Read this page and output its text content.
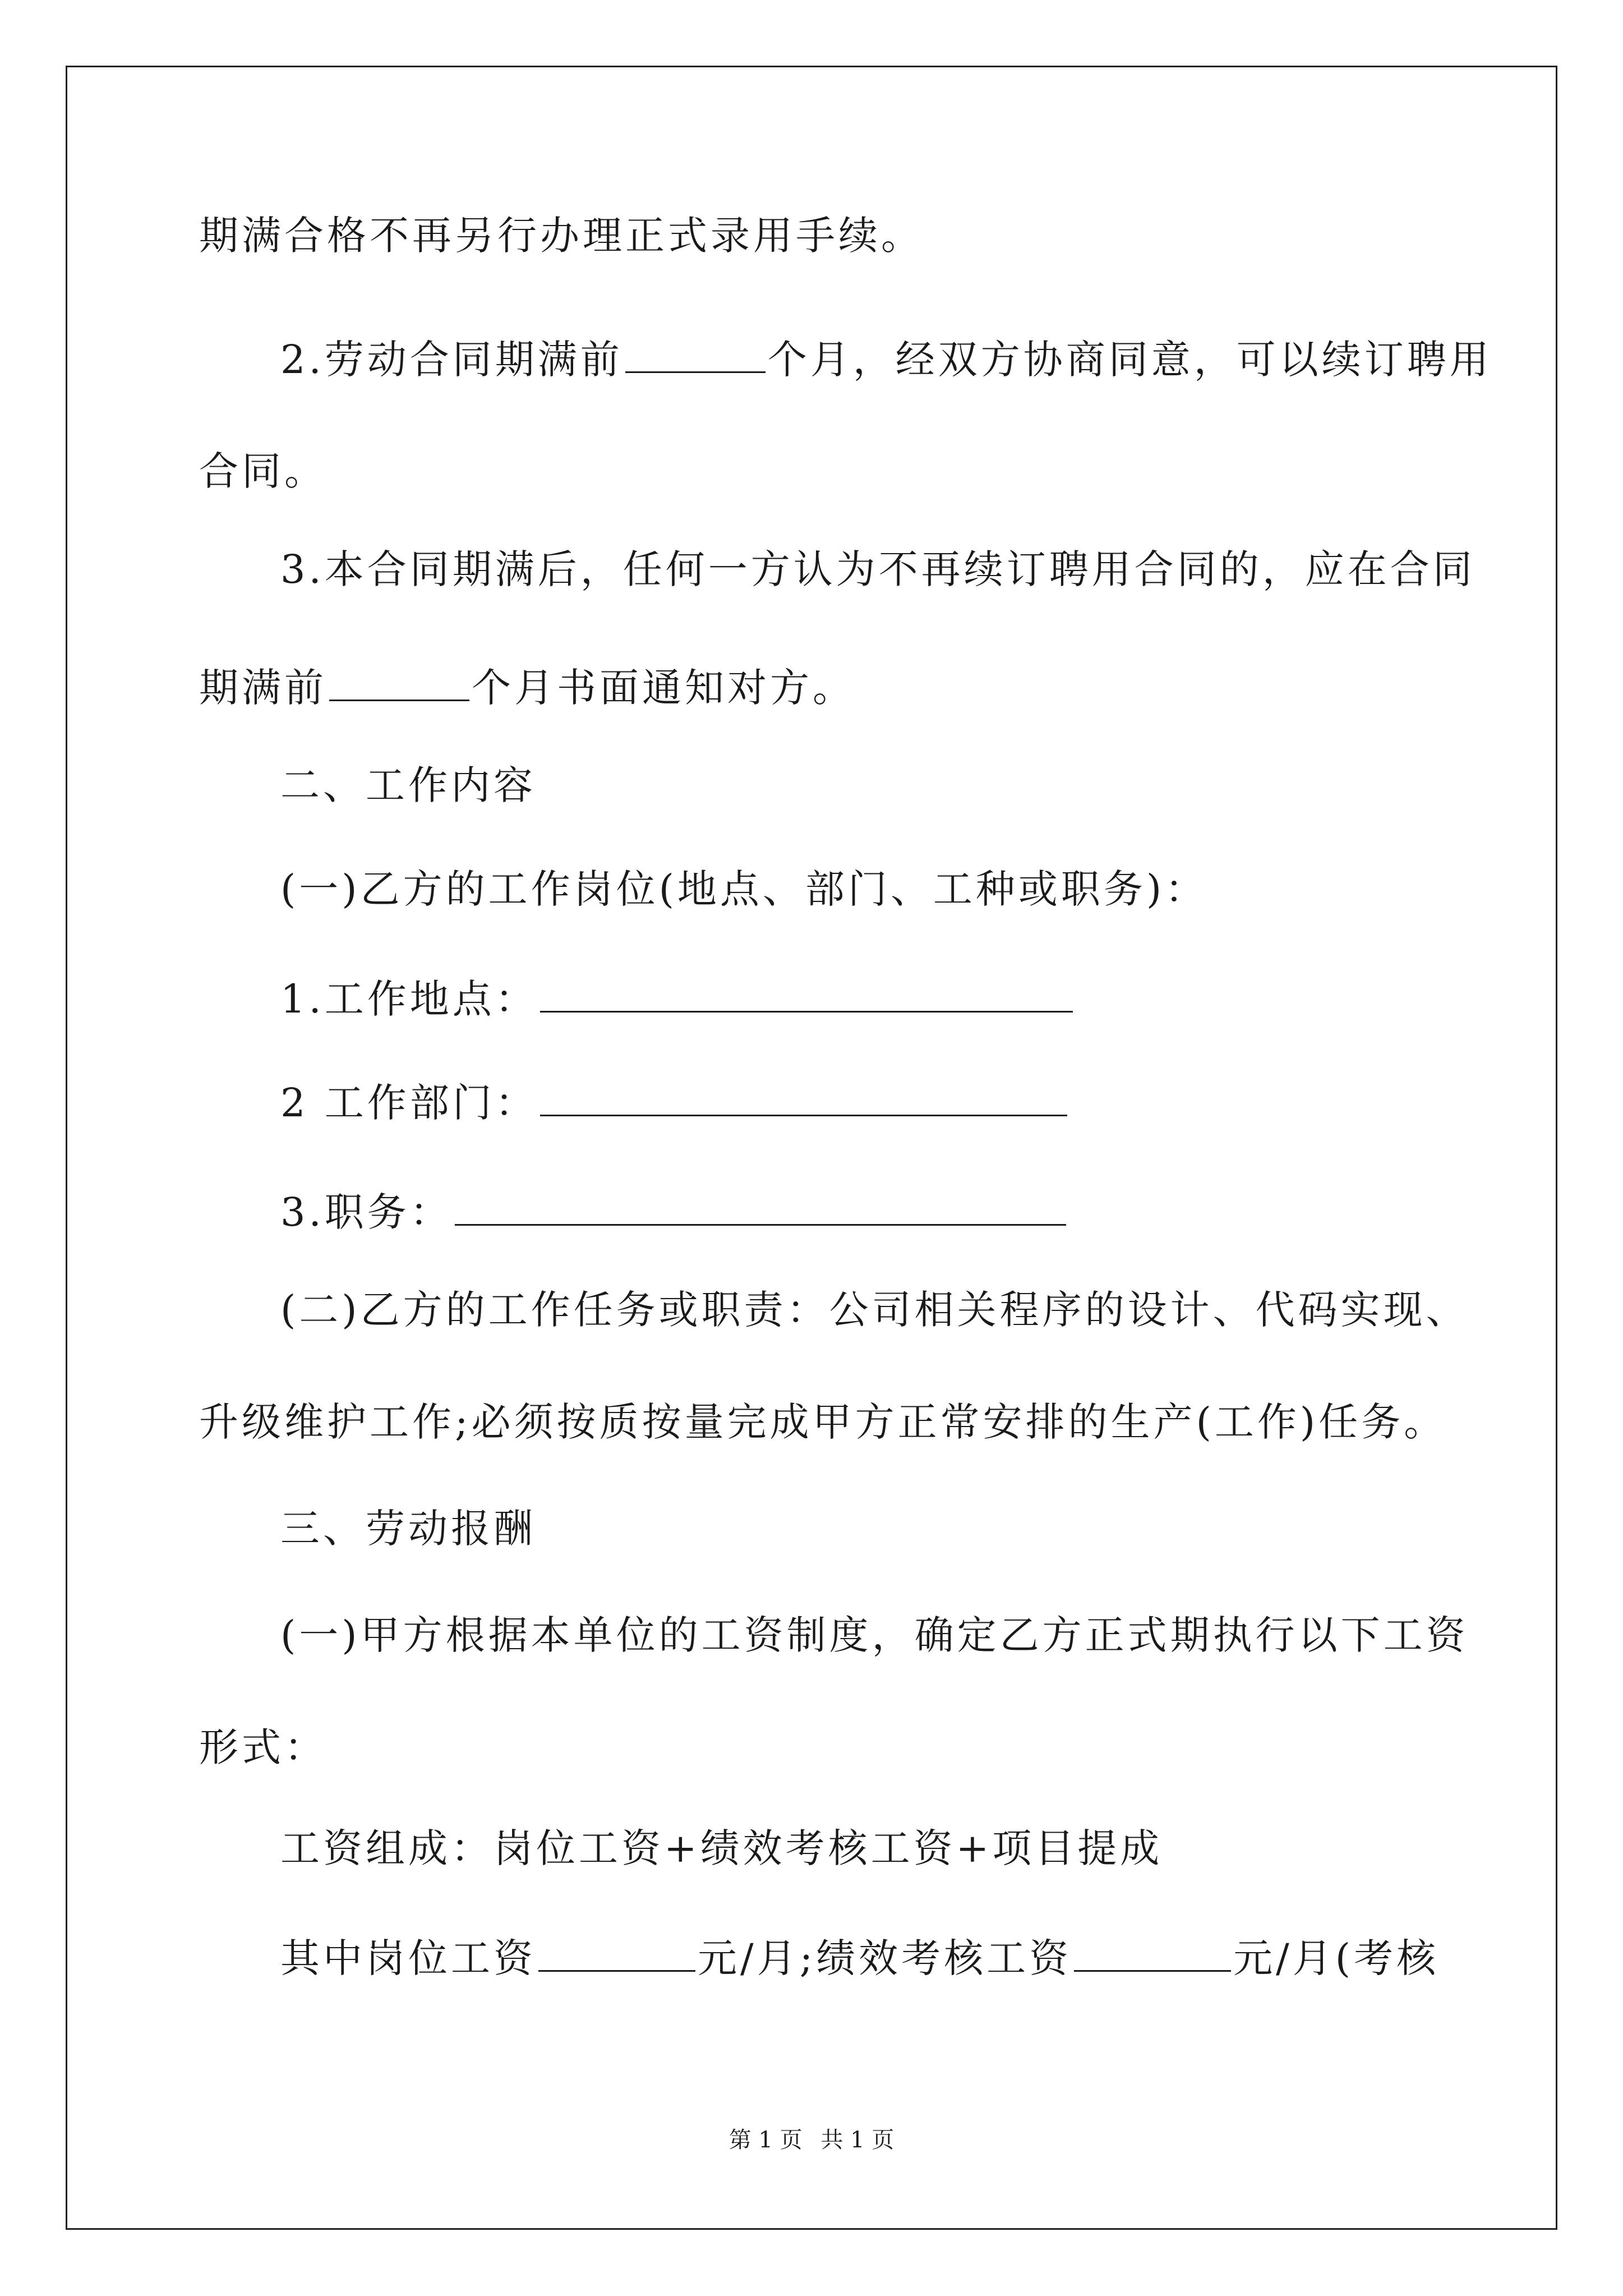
期满合格不再另行办理正式录用手续。
2.劳动合同期满前	个月，经双方协商同意，可以续订聘用
合同。
3.本合同期满后，任何一方认为不再续订聘用合同的，应在合同
期满前	个月书面通知对方。
二、工作内容
(一)乙方的工作岗位(地点、部门、工种或职务)：
1.工作地点：
2 工作部门：
3.职务：
(二)乙方的工作任务或职责：公司相关程序的设计、代码实现、
升级维护工作;必须按质按量完成甲方正常安排的生产(工作)任务。
三、劳动报酬
(一)甲方根据本单位的工资制度，确定乙方正式期执行以下工资
形式：
工资组成：岗位工资+绩效考核工资+项目提成
其中岗位工资	元/月;绩效考核工资	元/月(考核
第 1 页 共 1 页
